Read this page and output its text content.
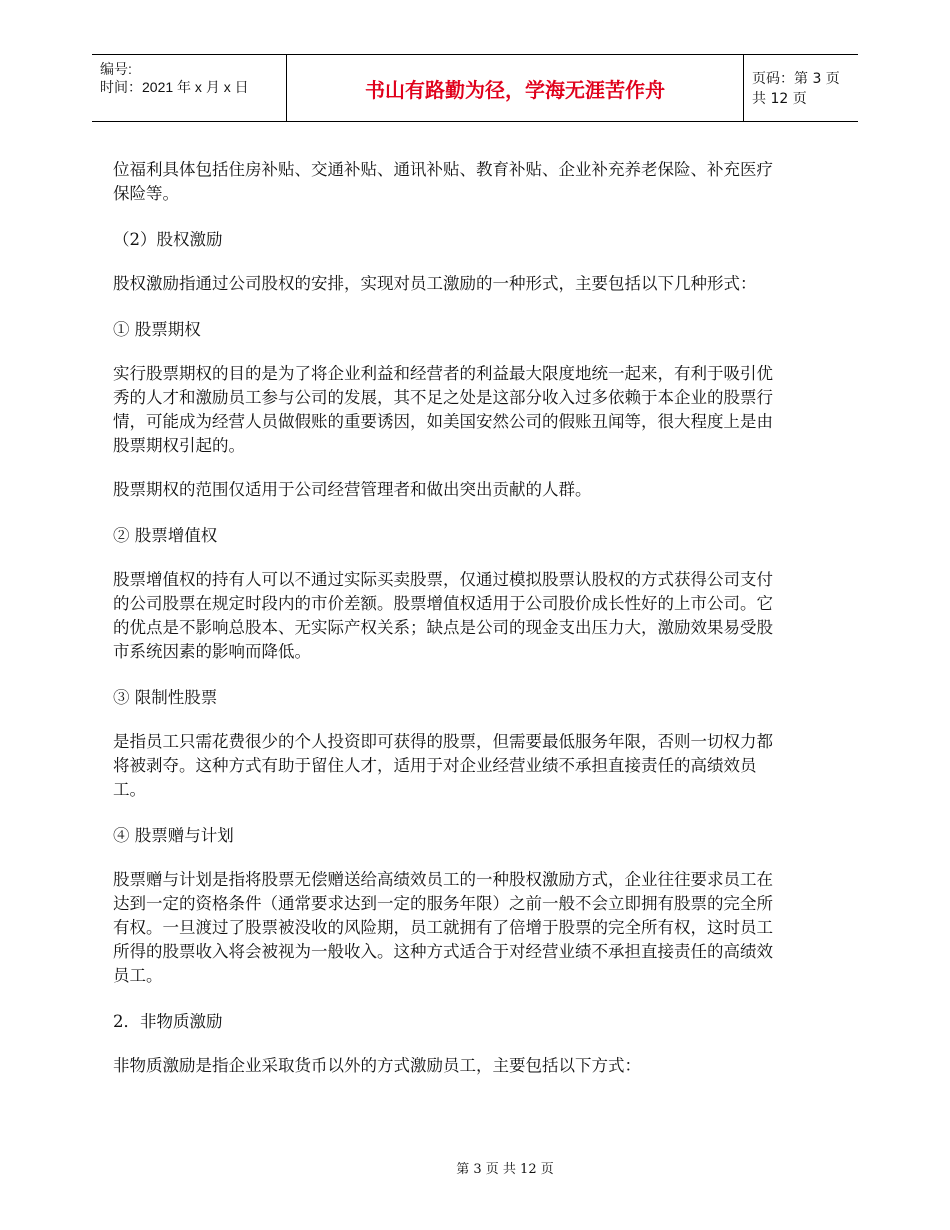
编号:
时间：2021 年 x 月 x 日	书山有路勤为径，学海无涯苦作舟	页码：第 3 页 共 12 页

位福利具体包括住房补贴、交通补贴、通讯补贴、教育补贴、企业补充养老保险、补充医疗保险等。

（2）股权激励

股权激励指通过公司股权的安排，实现对员工激励的一种形式，主要包括以下几种形式：

① 股票期权

实行股票期权的目的是为了将企业利益和经营者的利益最大限度地统一起来，有利于吸引优秀的人才和激励员工参与公司的发展，其不足之处是这部分收入过多依赖于本企业的股票行情，可能成为经营人员做假账的重要诱因，如美国安然公司的假账丑闻等，很大程度上是由股票期权引起的。

股票期权的范围仅适用于公司经营管理者和做出突出贡献的人群。

② 股票增值权

股票增值权的持有人可以不通过实际买卖股票，仅通过模拟股票认股权的方式获得公司支付的公司股票在规定时段内的市价差额。股票增值权适用于公司股价成长性好的上市公司。它的优点是不影响总股本、无实际产权关系；缺点是公司的现金支出压力大，激励效果易受股市系统因素的影响而降低。

③ 限制性股票

是指员工只需花费很少的个人投资即可获得的股票，但需要最低服务年限，否则一切权力都将被剥夺。这种方式有助于留住人才，适用于对企业经营业绩不承担直接责任的高绩效员工。

④ 股票赠与计划

股票赠与计划是指将股票无偿赠送给高绩效员工的一种股权激励方式，企业往往要求员工在达到一定的资格条件（通常要求达到一定的服务年限）之前一般不会立即拥有股票的完全所有权。一旦渡过了股票被没收的风险期，员工就拥有了倍增于股票的完全所有权，这时员工所得的股票收入将会被视为一般收入。这种方式适合于对经营业绩不承担直接责任的高绩效员工。

2．非物质激励

非物质激励是指企业采取货币以外的方式激励员工，主要包括以下方式：

第 3 页 共 12 页
